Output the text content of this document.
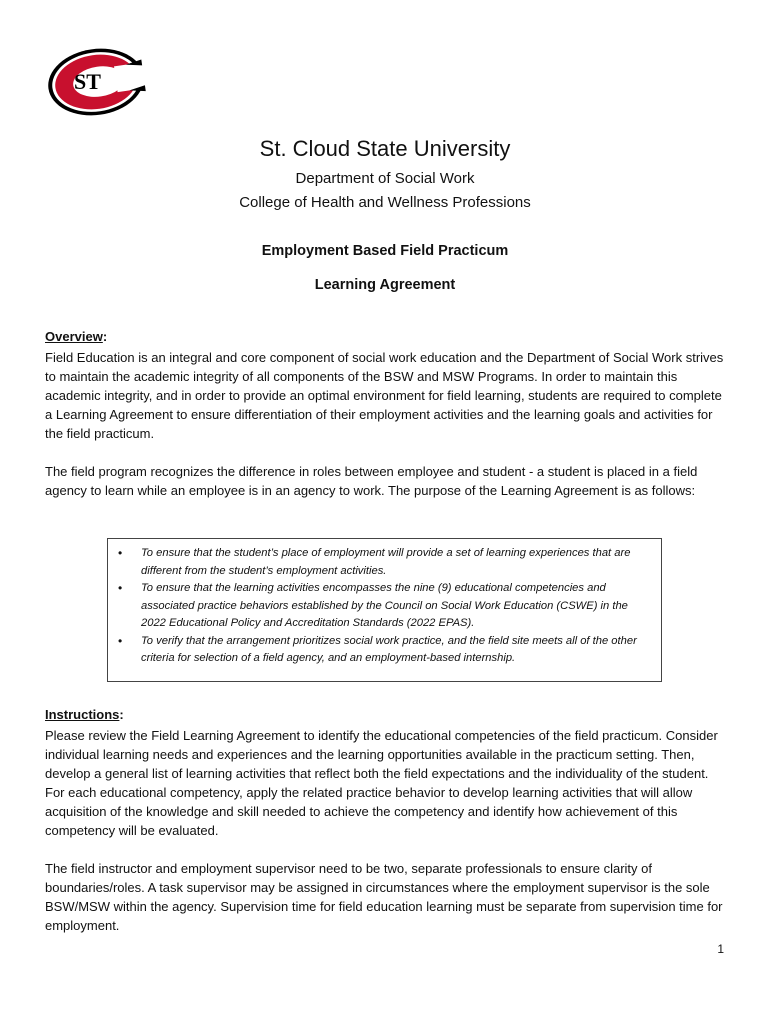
ST
St. Cloud State University
Department of Social Work
College of Health and Wellness Professions
Employment Based Field Practicum
Learning Agreement
Overview:

Field Education is an integral and core component of social work education and the Department of Social Work strives to maintain the academic integrity of all components of the BSW and MSW Programs. In order to maintain this academic integrity, and in order to provide an optimal environment for field learning, students are required to complete a Learning Agreement to ensure differentiation of their employment activities and the learning goals and activities for the field practicum.

The field program recognizes the difference in roles between employee and student - a student is placed in a field agency to learn while an employee is in an agency to work. The purpose of the Learning Agreement is as follows:

• To ensure that the student’s place of employment will provide a set of learning experiences that are different from the student’s employment activities.
• To ensure that the learning activities encompasses the nine (9) educational competencies and associated practice behaviors established by the Council on Social Work Education (CSWE) in the 2022 Educational Policy and Accreditation Standards (2022 EPAS).
• To verify that the arrangement prioritizes social work practice, and the field site meets all of the other criteria for selection of a field agency, and an employment-based internship.
Instructions:

Please review the Field Learning Agreement to identify the educational competencies of the field practicum. Consider individual learning needs and experiences and the learning opportunities available in the practicum setting. Then, develop a general list of learning activities that reflect both the field expectations and the individuality of the student. For each educational competency, apply the related practice behavior to develop learning activities that will allow acquisition of the knowledge and skill needed to achieve the competency and identify how achievement of this competency will be evaluated.

The field instructor and employment supervisor need to be two, separate professionals to ensure clarity of boundaries/roles. A task supervisor may be assigned in circumstances where the employment supervisor is the sole BSW/MSW within the agency. Supervision time for field education learning must be separate from supervision time for employment.

1
